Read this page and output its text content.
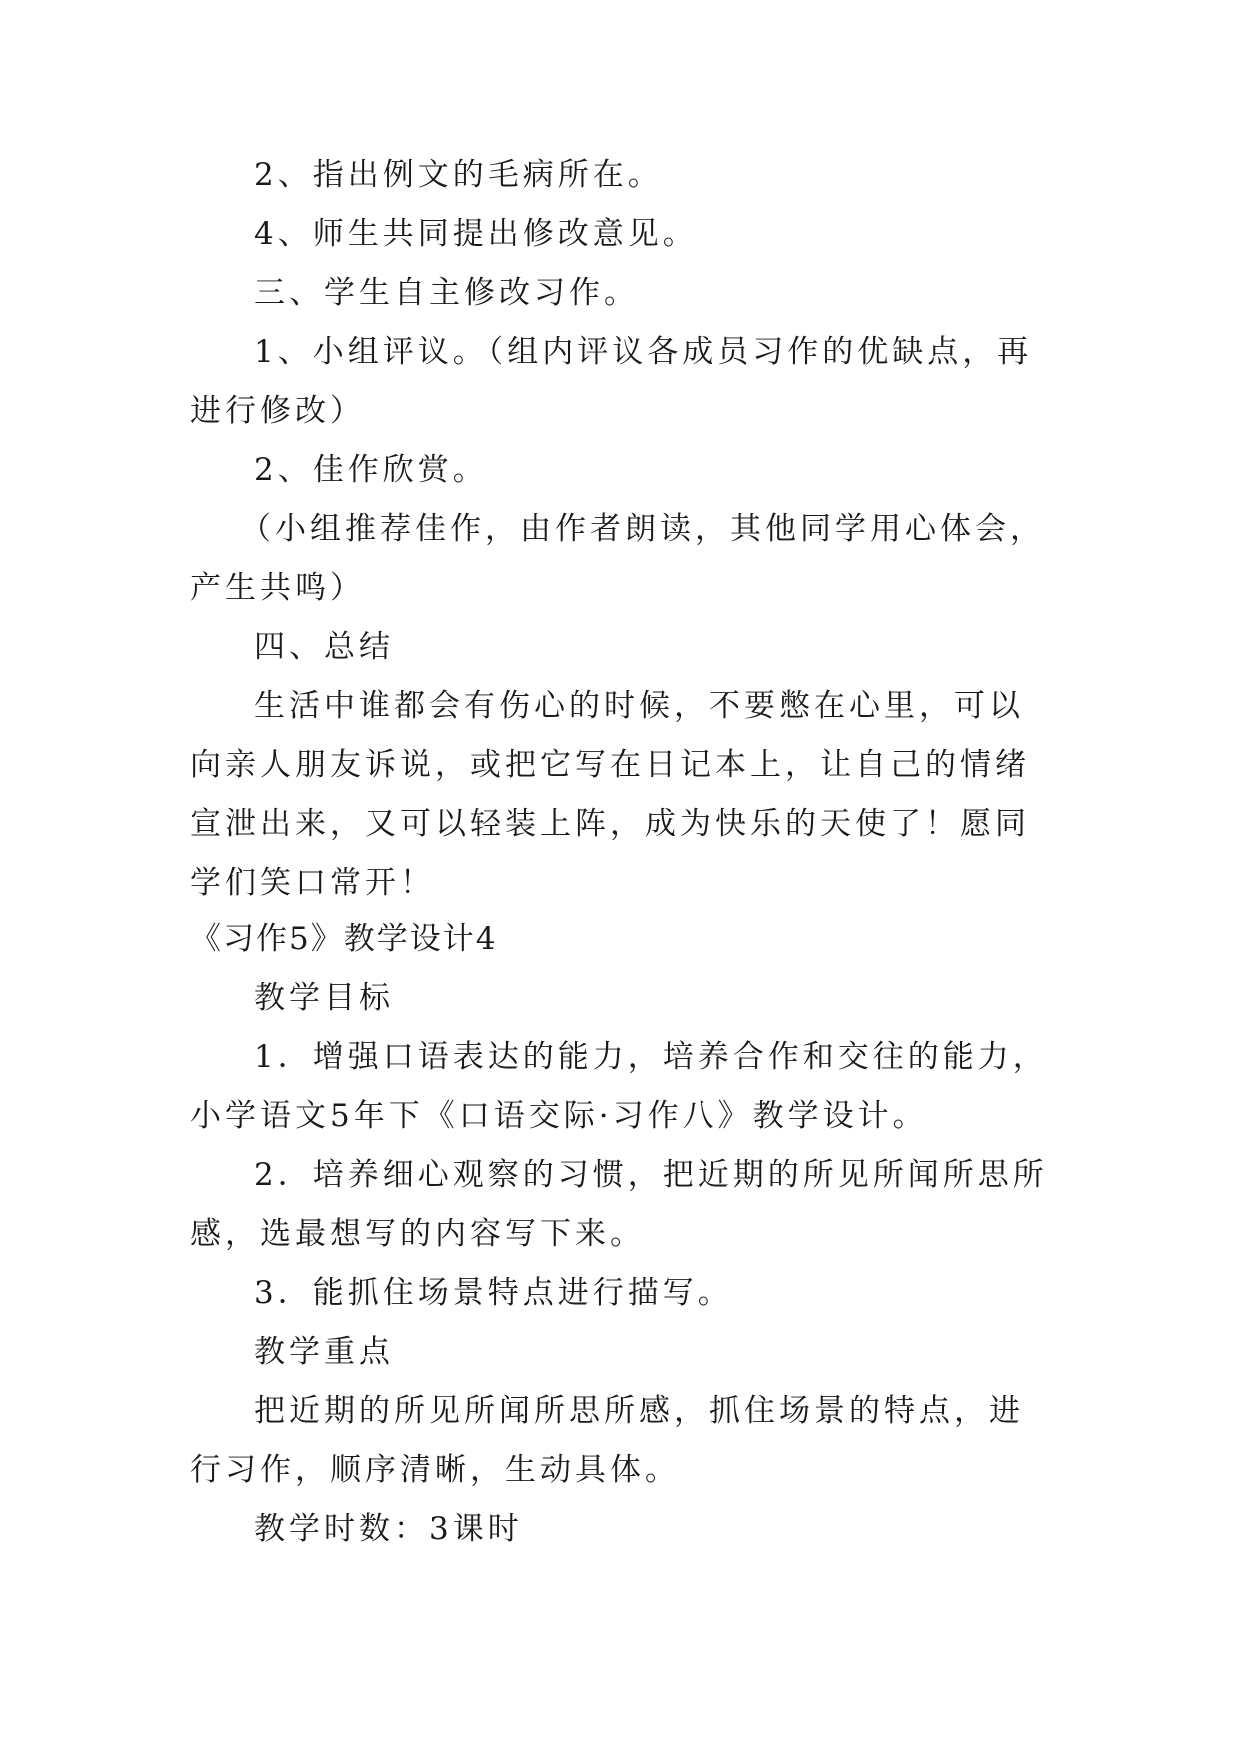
2、指出例文的毛病所在。

4、师生共同提出修改意见。

三、学生自主修改习作。

1、小组评议。（组内评议各成员习作的优缺点，再进行修改）

2、佳作欣赏。

（小组推荐佳作，由作者朗读，其他同学用心体会，产生共鸣）

四、总结

生活中谁都会有伤心的时候，不要憋在心里，可以向亲人朋友诉说，或把它写在日记本上，让自己的情绪宣泄出来，又可以轻装上阵，成为快乐的天使了！愿同学们笑口常开！

《习作5》教学设计4

教学目标

1．增强口语表达的能力，培养合作和交往的能力，小学语文5年下《口语交际·习作八》教学设计。

2．培养细心观察的习惯，把近期的所见所闻所思所感，选最想写的内容写下来。

3．能抓住场景特点进行描写。

教学重点

把近期的所见所闻所思所感，抓住场景的特点，进行习作，顺序清晰，生动具体。

教学时数：3课时
